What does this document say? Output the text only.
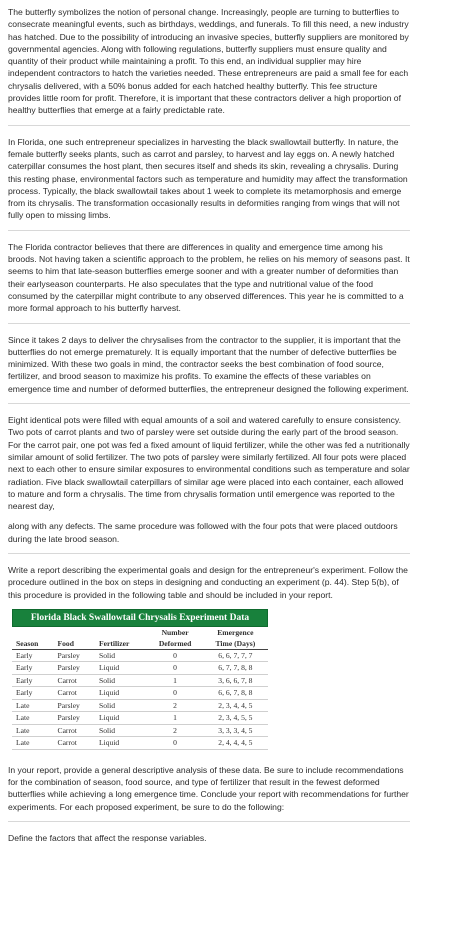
The butterfly symbolizes the notion of personal change. Increasingly, people are turning to butterflies to consecrate meaningful events, such as birthdays, weddings, and funerals. To fill this need, a new industry has hatched. Due to the possibility of introducing an invasive species, butterfly suppliers are monitored by governmental agencies. Along with following regulations, butterfly suppliers must ensure quality and quantity of their product while maintaining a profit. To this end, an individual supplier may hire independent contractors to hatch the varieties needed. These entrepreneurs are paid a small fee for each chrysalis delivered, with a 50% bonus added for each hatched healthy butterfly. This fee structure provides little room for profit. Therefore, it is important that these contractors deliver a high proportion of healthy butterflies that emerge at a fairly predictable rate.

In Florida, one such entrepreneur specializes in harvesting the black swallowtail butterfly. In nature, the female butterfly seeks plants, such as carrot and parsley, to harvest and lay eggs on. A newly hatched caterpillar consumes the host plant, then secures itself and sheds its skin, revealing a chrysalis. During this resting phase, environmental factors such as temperature and humidity may affect the transformation process. Typically, the black swallowtail takes about 1 week to complete its metamorphosis and emerge from its chrysalis. The transformation occasionally results in deformities ranging from wings that will not fully open to missing limbs.

The Florida contractor believes that there are differences in quality and emergence time among his broods. Not having taken a scientific approach to the problem, he relies on his memory of seasons past. It seems to him that late-season butterflies emerge sooner and with a greater number of deformities than their earlyseason counterparts. He also speculates that the type and nutritional value of the food consumed by the caterpillar might contribute to any observed differences. This year he is committed to a more formal approach to his butterfly harvest.

Since it takes 2 days to deliver the chrysalises from the contractor to the supplier, it is important that the butterflies do not emerge prematurely. It is equally important that the number of defective butterflies be minimized. With these two goals in mind, the contractor seeks the best combination of food source, fertilizer, and brood season to maximize his profits. To examine the effects of these variables on emergence time and number of deformed butterflies, the entrepreneur designed the following experiment.

Eight identical pots were filled with equal amounts of a soil and watered carefully to ensure consistency. Two pots of carrot plants and two of parsley were set outside during the early part of the brood season. For the carrot pair, one pot was fed a fixed amount of liquid fertilizer, while the other was fed a nutritionally similar amount of solid fertilizer. The two pots of parsley were similarly fertilized. All four pots were placed next to each other to ensure similar exposures to environmental conditions such as temperature and solar radiation. Five black swallowtail caterpillars of similar age were placed into each container, each allowed to mature and form a chrysalis. The time from chrysalis formation until emergence was reported to the nearest day,

along with any defects. The same procedure was followed with the four pots that were placed outdoors during the late brood season.

Write a report describing the experimental goals and design for the entrepreneur's experiment. Follow the procedure outlined in the box on steps in designing and conducting an experiment (p. 44). Step 5(b), of this procedure is provided in the following table and should be included in your report.

Florida Black Swallowtail Chrysalis Experiment Data
			Number	Emergence
Season	Food	Fertilizer	Deformed	Time (Days)
Early	Parsley	Solid	0	6, 6, 7, 7, 7
Early	Parsley	Liquid	0	6, 7, 7, 8, 8
Early	Carrot	Solid	1	3, 6, 6, 7, 8
Early	Carrot	Liquid	0	6, 6, 7, 8, 8
Late	Parsley	Solid	2	2, 3, 4, 4, 5
Late	Parsley	Liquid	1	2, 3, 4, 5, 5
Late	Carrot	Solid	2	3, 3, 3, 4, 5
Late	Carrot	Liquid	0	2, 4, 4, 4, 5

In your report, provide a general descriptive analysis of these data. Be sure to include recommendations for the combination of season, food source, and type of fertilizer that result in the fewest deformed butterflies while achieving a long emergence time. Conclude your report with recommendations for further experiments. For each proposed experiment, be sure to do the following:

Define the factors that affect the response variables.
